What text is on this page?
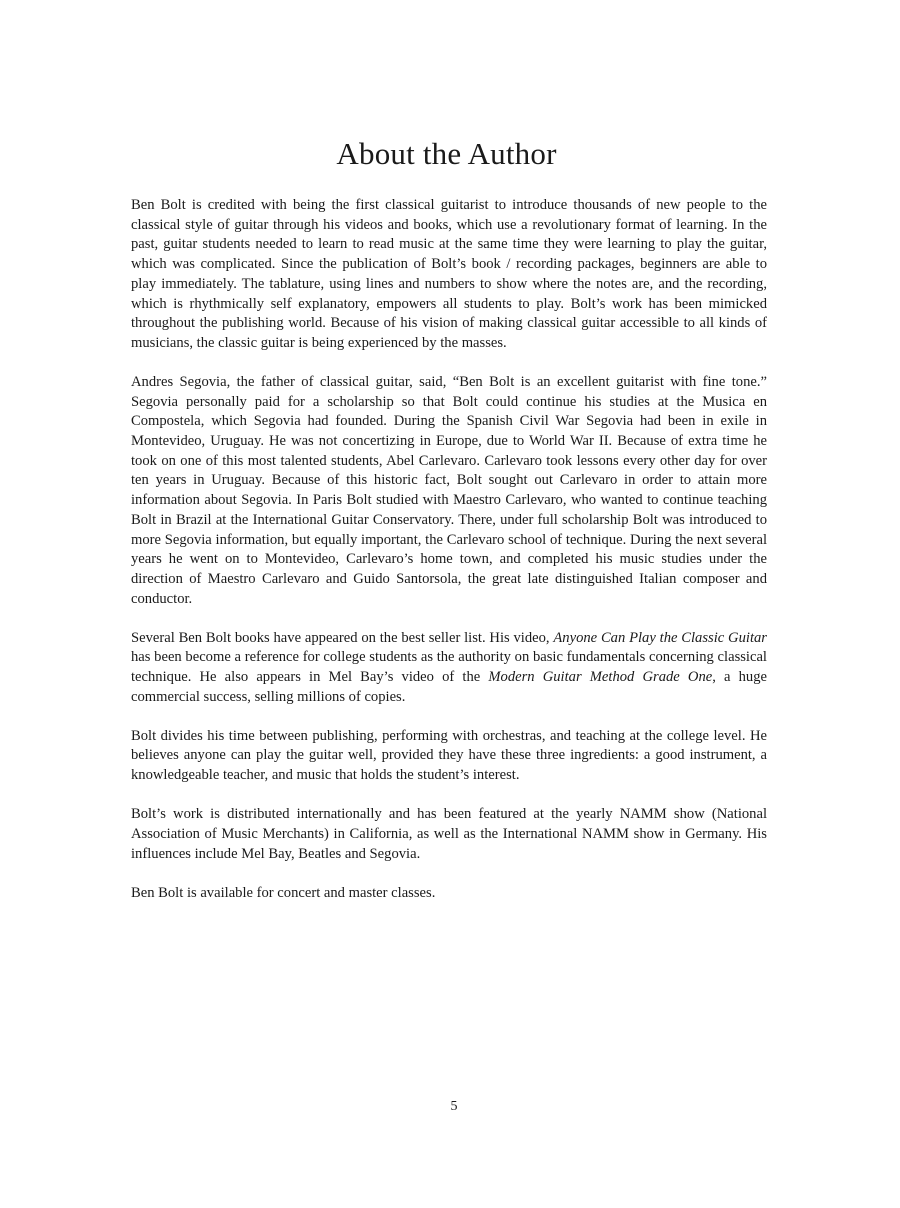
About the Author

Ben Bolt is credited with being the first classical guitarist to introduce thousands of new people to the classical style of guitar through his videos and books, which use a revolutionary format of learning. In the past, guitar students needed to learn to read music at the same time they were learning to play the guitar, which was complicated. Since the publication of Bolt’s book / recording packages, beginners are able to play immediately. The tablature, using lines and numbers to show where the notes are, and the recording, which is rhythmically self explanatory, empowers all students to play. Bolt’s work has been mimicked throughout the publishing world. Because of his vision of making classical guitar accessible to all kinds of musicians, the classic guitar is being experienced by the masses.

Andres Segovia, the father of classical guitar, said, “Ben Bolt is an excellent guitarist with fine tone.” Segovia personally paid for a scholarship so that Bolt could continue his studies at the Musica en Compostela, which Segovia had founded. During the Spanish Civil War Segovia had been in exile in Montevideo, Uruguay. He was not concertizing in Europe, due to World War II. Because of extra time he took on one of this most talented students, Abel Carlevaro. Carlevaro took lessons every other day for over ten years in Uruguay. Because of this historic fact, Bolt sought out Carlevaro in order to attain more information about Segovia. In Paris Bolt studied with Maestro Carlevaro, who wanted to continue teaching Bolt in Brazil at the International Guitar Conservatory. There, under full scholarship Bolt was introduced to more Segovia information, but equally important, the Carlevaro school of technique. During the next several years he went on to Montevideo, Carlevaro’s home town, and completed his music studies under the direction of Maestro Carlevaro and Guido Santorsola, the great late distinguished Italian composer and conductor.

Several Ben Bolt books have appeared on the best seller list. His video, Anyone Can Play the Classic Guitar has been become a reference for college students as the authority on basic fundamentals concerning classical technique. He also appears in Mel Bay’s video of the Modern Guitar Method Grade One, a huge commercial success, selling millions of copies.

Bolt divides his time between publishing, performing with orchestras, and teaching at the college level. He believes anyone can play the guitar well, provided they have these three ingredients: a good instrument, a knowledgeable teacher, and music that holds the student’s interest.

Bolt’s work is distributed internationally and has been featured at the yearly NAMM show (National Association of Music Merchants) in California, as well as the International NAMM show in Germany. His influences include Mel Bay, Beatles and Segovia.

Ben Bolt is available for concert and master classes.

5
